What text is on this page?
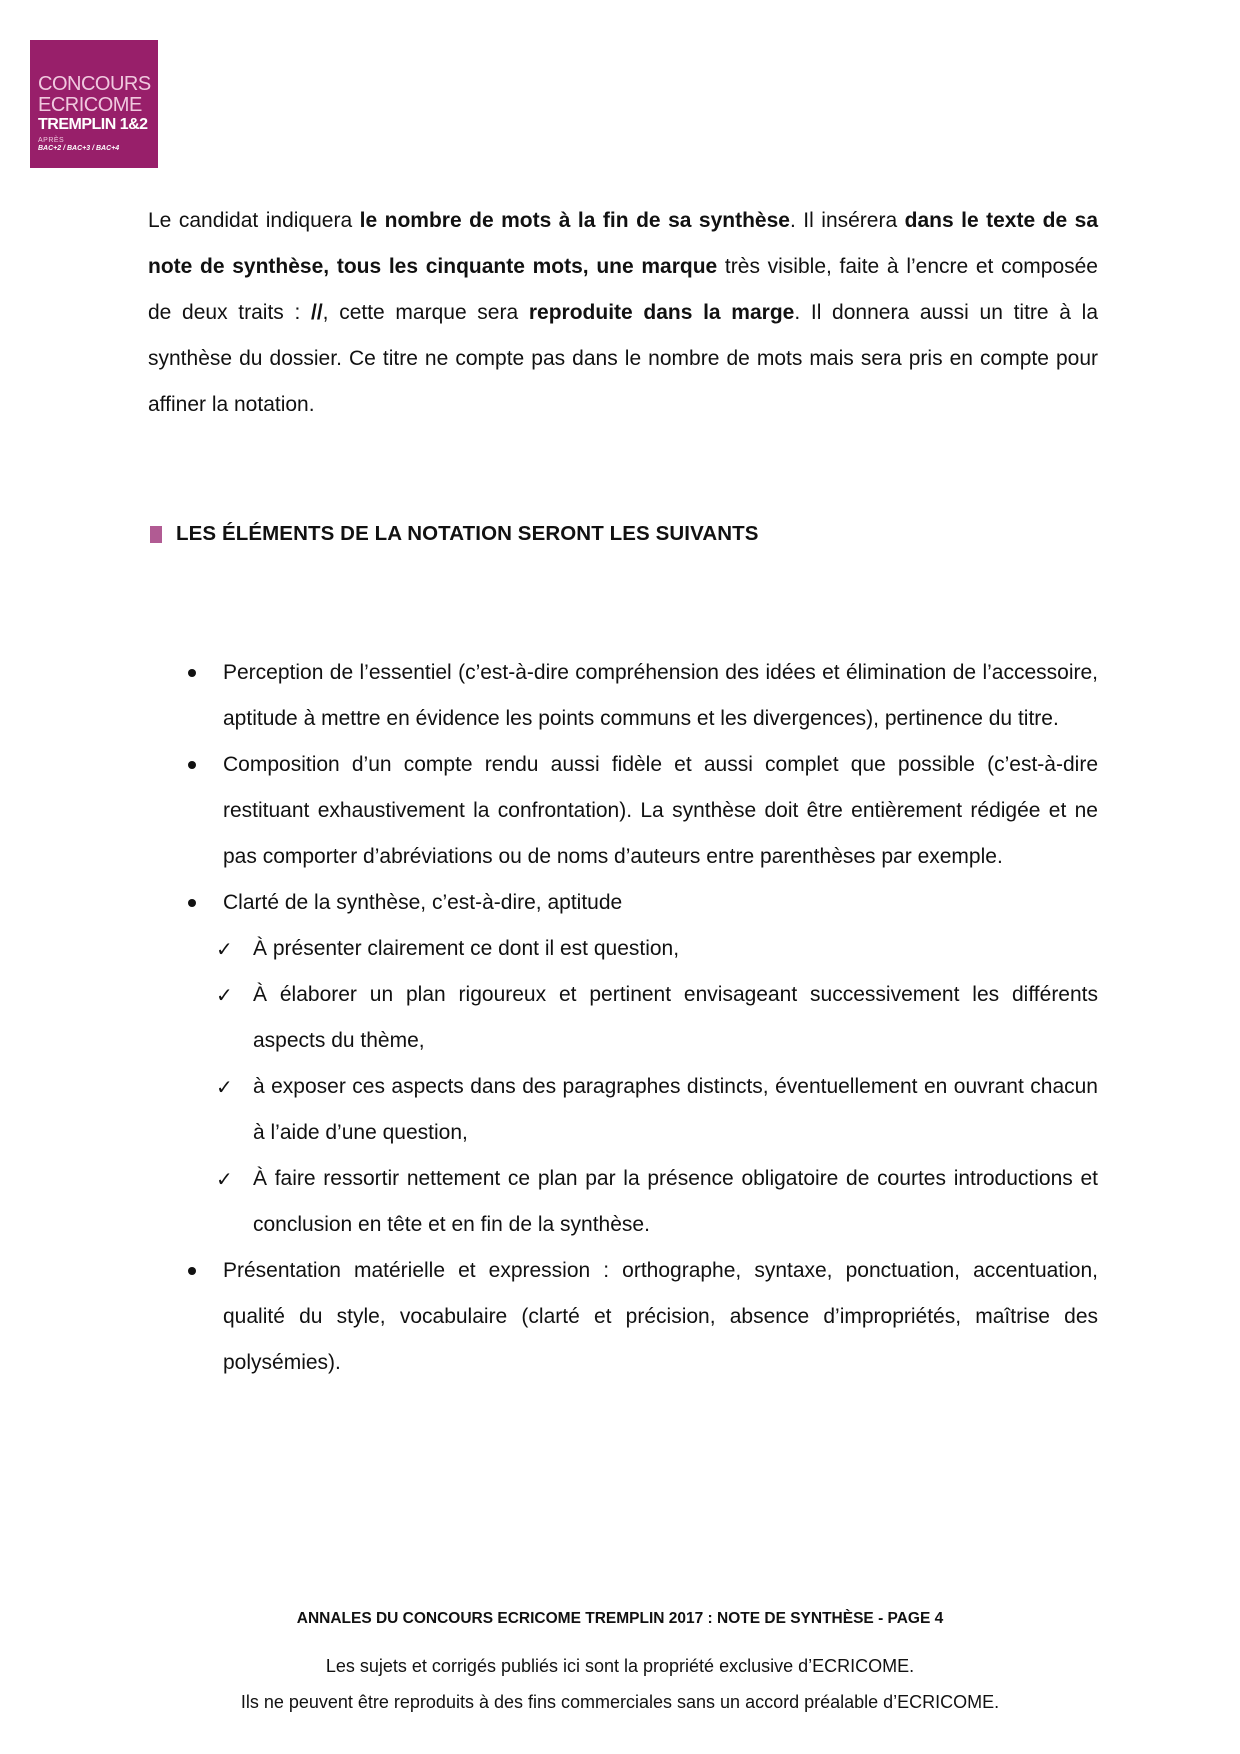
CONCOURS
ECRICOME
TREMPLIN 1&2
APRÈS
BAC+2 / BAC+3 / BAC+4

Le candidat indiquera le nombre de mots à la fin de sa synthèse. Il insérera dans le texte de sa note de synthèse, tous les cinquante mots, une marque très visible, faite à l’encre et composée de deux traits : //, cette marque sera reproduite dans la marge. Il donnera aussi un titre à la synthèse du dossier. Ce titre ne compte pas dans le nombre de mots mais sera pris en compte pour affiner la notation.

LES ÉLÉMENTS DE LA NOTATION SERONT LES SUIVANTS
Perception de l’essentiel (c’est-à-dire compréhension des idées et élimination de l’accessoire, aptitude à mettre en évidence les points communs et les divergences), pertinence du titre.
Composition d’un compte rendu aussi fidèle et aussi complet que possible (c’est-à-dire restituant exhaustivement la confrontation). La synthèse doit être entièrement rédigée et ne pas comporter d’abréviations ou de noms d’auteurs entre parenthèses par exemple.
Clarté de la synthèse, c’est-à-dire, aptitude
✓ À présenter clairement ce dont il est question,
✓ À élaborer un plan rigoureux et pertinent envisageant successivement les différents aspects du thème,
✓ à exposer ces aspects dans des paragraphes distincts, éventuellement en ouvrant chacun à l’aide d’une question,
✓ À faire ressortir nettement ce plan par la présence obligatoire de courtes introductions et conclusion en tête et en fin de la synthèse.
Présentation matérielle et expression : orthographe, syntaxe, ponctuation, accentuation, qualité du style, vocabulaire (clarté et précision, absence d’impropriétés, maîtrise des polysémies).

ANNALES DU CONCOURS ECRICOME TREMPLIN 2017 : NOTE DE SYNTHÈSE - PAGE 4

Les sujets et corrigés publiés ici sont la propriété exclusive d’ECRICOME.

Ils ne peuvent être reproduits à des fins commerciales sans un accord préalable d’ECRICOME.
